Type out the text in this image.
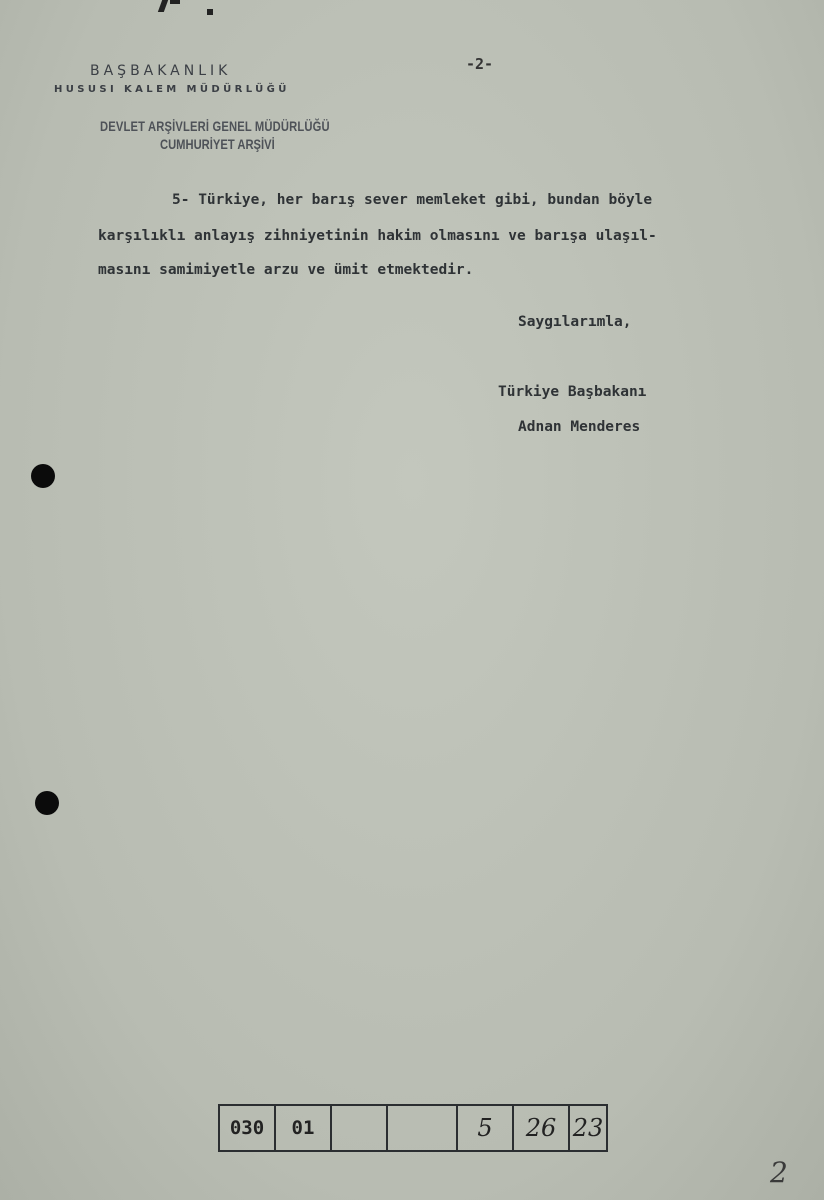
BAŞBAKANLIK
HUSUSI KALEM MÜDÜRLÜĞÜ
-2-
DEVLET ARŞİVLERİ GENEL MÜDÜRLÜĞÜ
CUMHURİYET ARŞİVİ
5- Türkiye, her barış sever memleket gibi, bundan böyle
karşılıklı anlayış zihniyetinin hakim olmasını ve barışa ulaşıl-
masını samimiyetle arzu ve ümit etmektedir.
Saygılarımla,
Türkiye Başbakanı
Adnan Menderes
030	01	5	26 23
2
